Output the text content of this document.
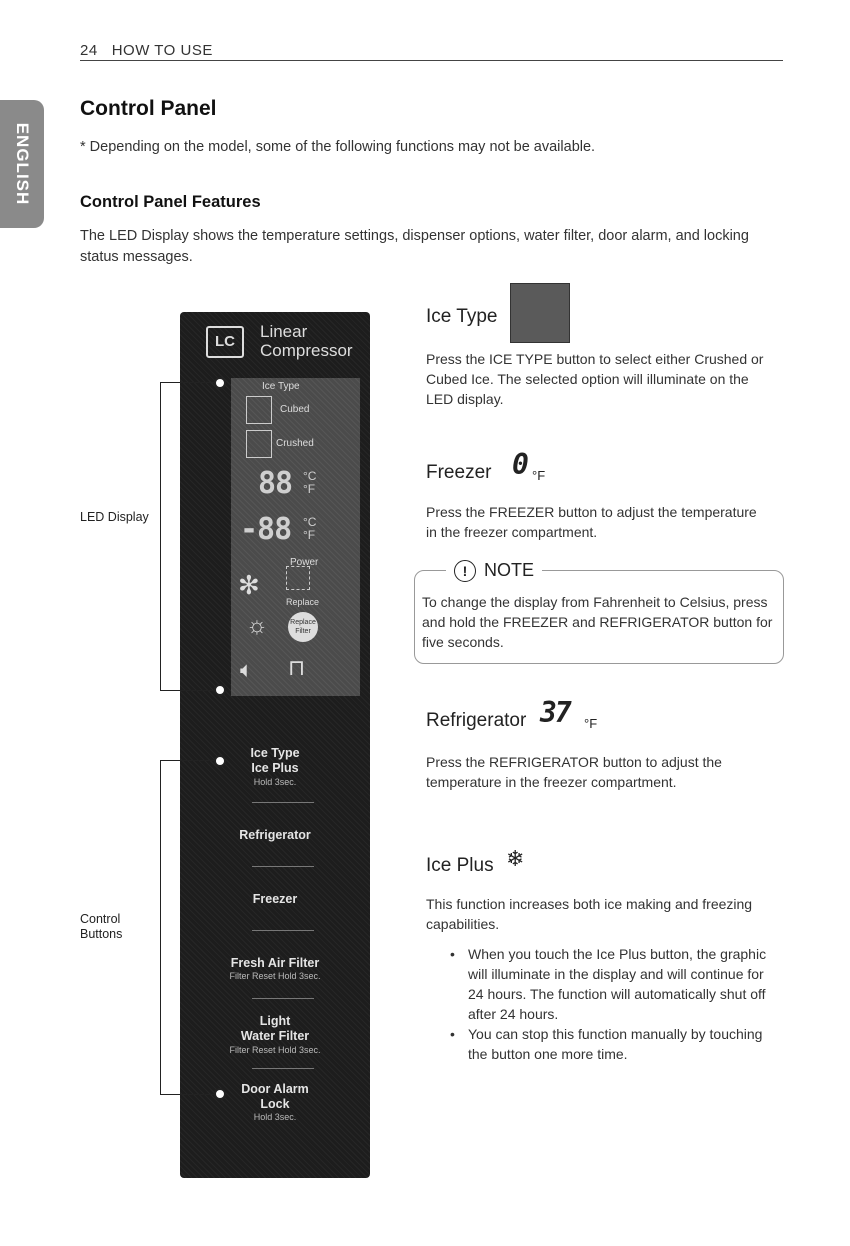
24 HOW TO USE
ENGLISH
Control Panel
* Depending on the model, some of the following functions may not be available.
Control Panel Features
The LED Display shows the temperature settings, dispenser options, water filter, door alarm, and locking status messages.
LC
Linear
Compressor
Ice Type
Cubed
Crushed
88 °C
°F
-88 °C
°F
Power
✻
Replace
☼	Replace Filter
🔈︎ ⊓
Ice Type
Ice Plus
Hold 3sec.
Refrigerator
Freezer
Fresh Air Filter
Filter Reset Hold 3sec.
Light
Water Filter
Filter Reset Hold 3sec.
Door Alarm
Lock
Hold 3sec.
LED Display
Control
Buttons
Ice Type
Press the ICE TYPE button to select either Crushed or Cubed Ice. The selected option will illuminate on the LED display.
Freezer 0 °F
Press the FREEZER button to adjust the temperature in the freezer compartment.
! NOTE
To change the display from Fahrenheit to Celsius, press and hold the FREEZER and REFRIGERATOR button for five seconds.
Refrigerator 37 °F
Press the REFRIGERATOR button to adjust the temperature in the freezer compartment.
Ice Plus ❄
This function increases both ice making and freezing capabilities.
• When you touch the Ice Plus button, the graphic will illuminate in the display and will continue for 24 hours. The function will automatically shut off after 24 hours.
• You can stop this function manually by touching the button one more time.
